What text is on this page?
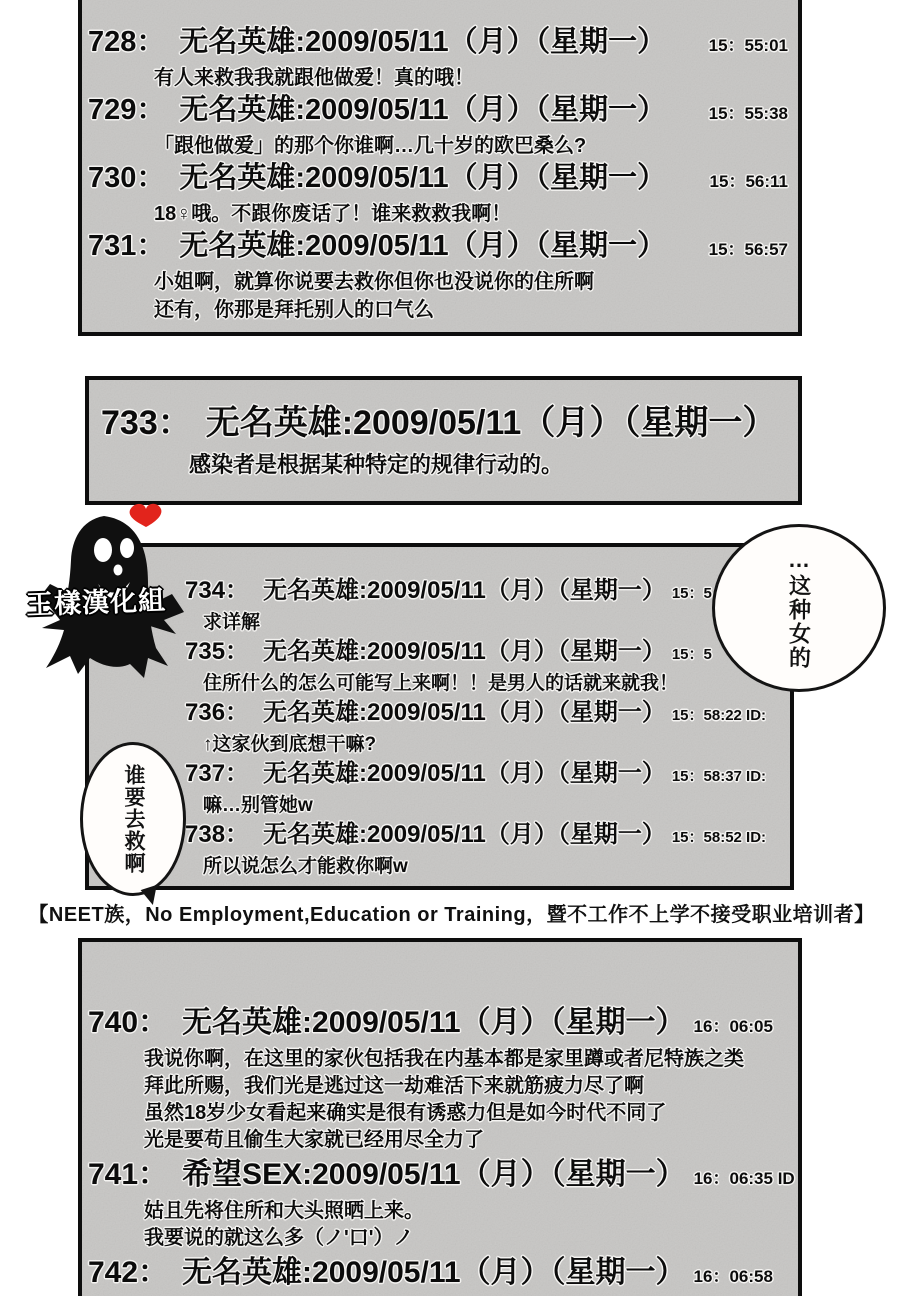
728： 无名英雄:2009/05/11（月）（星期一）	15：55:01
有人来救我我就跟他做爱！真的哦！
729： 无名英雄:2009/05/11（月）（星期一）	15：55:38
「跟他做爱」的那个你谁啊…几十岁的欧巴桑么?
730： 无名英雄:2009/05/11（月）（星期一）	15：56:11
18♀哦。不跟你废话了！谁来救救我啊！
731： 无名英雄:2009/05/11（月）（星期一）	15：56:57
小姐啊，就算你说要去救你但你也没说你的住所啊
还有，你那是拜托别人的口气么
733： 无名英雄:2009/05/11（月）（星期一）
感染者是根据某种特定的规律行动的。
734： 无名英雄:2009/05/11（月）（星期一） 15：5
求详解
735： 无名英雄:2009/05/11（月）（星期一） 15：5
住所什么的怎么可能写上来啊！！是男人的话就来就我！
736： 无名英雄:2009/05/11（月）（星期一） 15：58:22 ID:
↑这家伙到底想干嘛?
737： 无名英雄:2009/05/11（月）（星期一） 15：58:37 ID:
嘛…别管她w
738： 无名英雄:2009/05/11（月）（星期一） 15：58:52 ID:
所以说怎么才能救你啊w
【NEET族，No Employment,Education or Training，暨不工作不上学不接受职业培训者】
740： 无名英雄:2009/05/11（月）（星期一） 16：06:05
我说你啊，在这里的家伙包括我在内基本都是家里蹲或者尼特族之类
拜此所赐，我们光是逃过这一劫难活下来就筋疲力尽了啊
虽然18岁少女看起来确实是很有诱惑力但是如今时代不同了
光是要苟且偷生大家就已经用尽全力了
741： 希望SEX:2009/05/11（月）（星期一） 16：06:35 ID
姑且先将住所和大头照晒上来。
我要说的就这么多（ノ'口'）ノ
742： 无名英雄:2009/05/11（月）（星期一） 16：06:58
…这种女的
谁要去救啊
王樣漢化組
